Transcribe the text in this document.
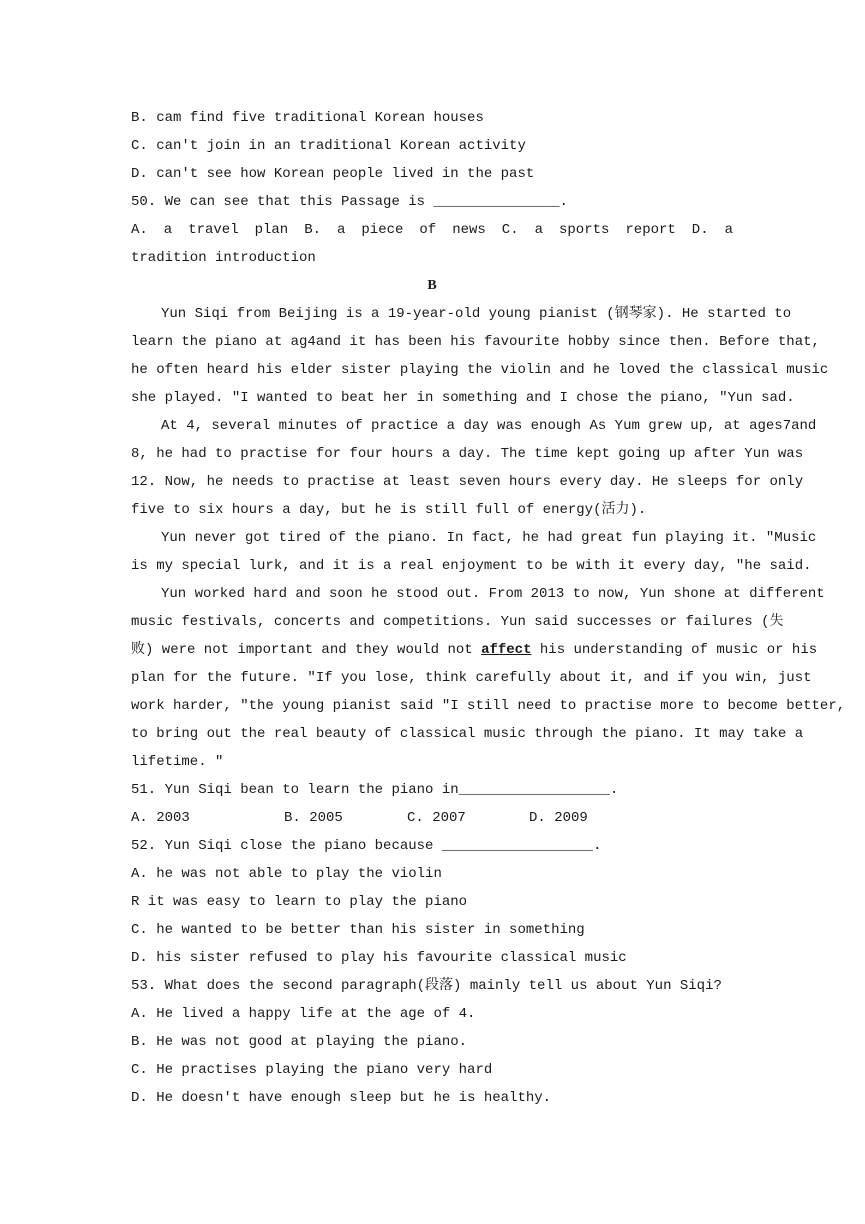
B. cam find five traditional Korean houses
C. can't join in an traditional Korean activity
D. can't see how Korean people lived in the past
50. We can see that this Passage is _______________.
A. a travel plan B. a piece of news C. a sports report D. a
tradition introduction
B
Yun Siqi from Beijing is a 19-year-old young pianist (钢琴家). He started to
learn the piano at ag4and it has been his favourite hobby since then. Before that,
he often heard his elder sister playing the violin and he loved the classical music
she played. "I wanted to beat her in something and I chose the piano, "Yun sad.
At 4, several minutes of practice a day was enough As Yum grew up, at ages7and
8, he had to practise for four hours a day. The time kept going up after Yun was
12. Now, he needs to practise at least seven hours every day. He sleeps for only
five to six hours a day, but he is still full of energy(活力).
Yun never got tired of the piano. In fact, he had great fun playing it. "Music
is my special lurk, and it is a real enjoyment to be with it every day, "he said.
Yun worked hard and soon he stood out. From 2013 to now, Yun shone at different
music festivals, concerts and competitions. Yun said successes or failures (失
败) were not important and they would not affect his understanding of music or his
plan for the future. "If you lose, think carefully about it, and if you win, just
work harder, "the young pianist said "I still need to practise more to become better,
to bring out the real beauty of classical music through the piano. It may take a
lifetime. "
51. Yun Siqi bean to learn the piano in__________________.
A. 2003	B. 2005	C. 2007	D. 2009
52. Yun Siqi close the piano because __________________.
A. he was not able to play the violin
R it was easy to learn to play the piano
C. he wanted to be better than his sister in something
D. his sister refused to play his favourite classical music
53. What does the second paragraph(段落) mainly tell us about Yun Siqi?
A. He lived a happy life at the age of 4.
B. He was not good at playing the piano.
C. He practises playing the piano very hard
D. He doesn't have enough sleep but he is healthy.
